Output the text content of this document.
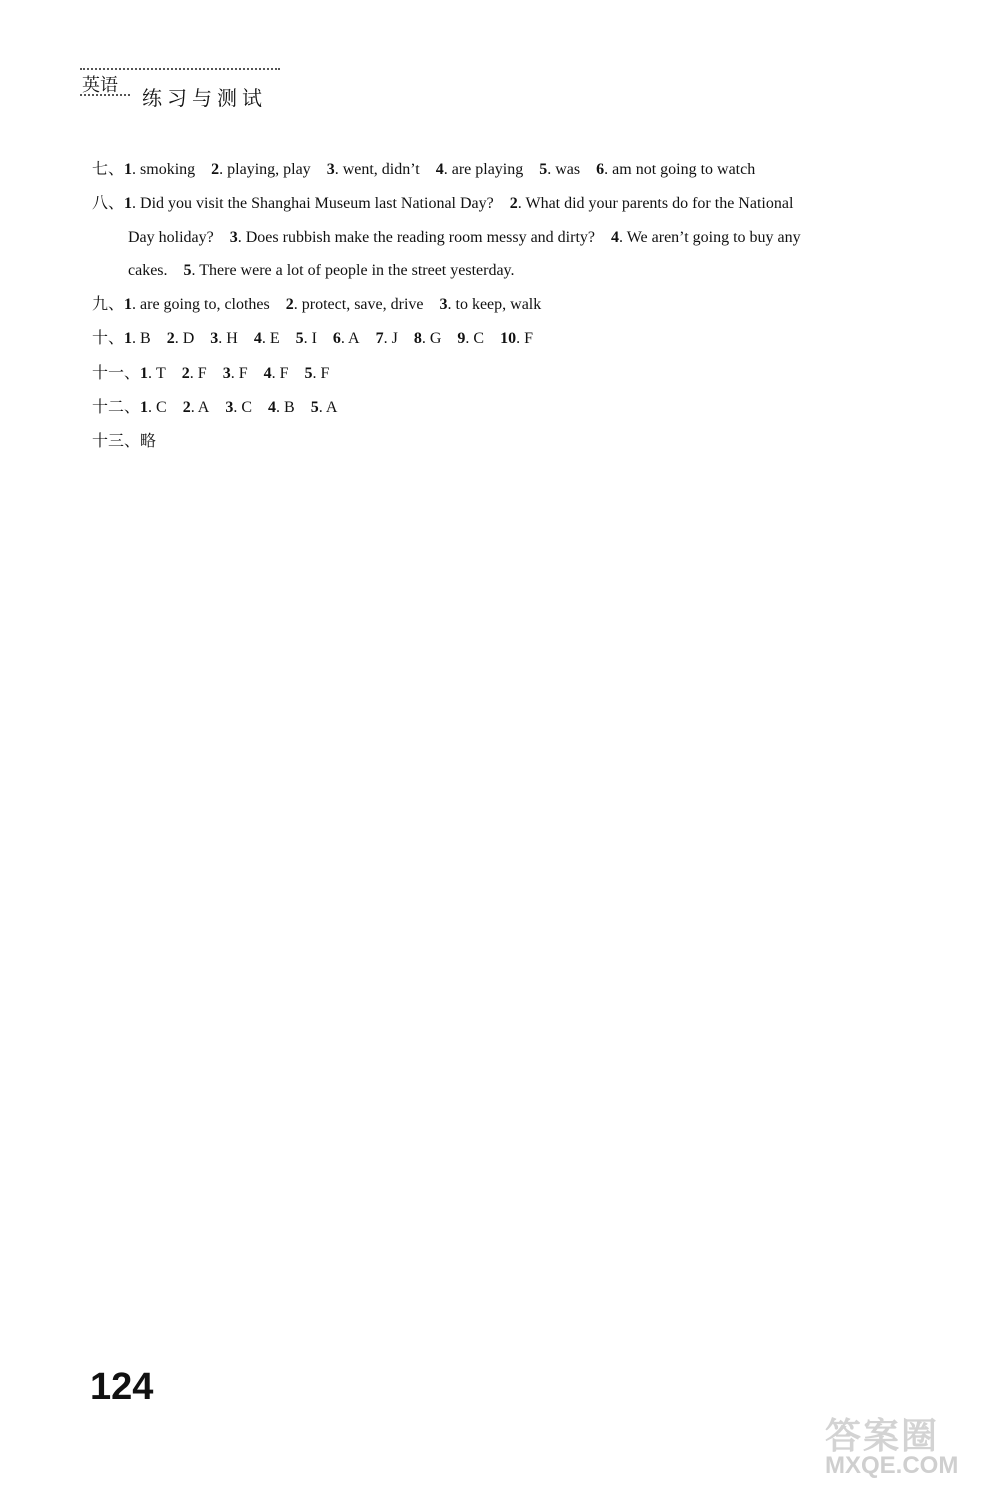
英语
练习与测试

七、1. smoking 2. playing, play 3. went, didn’t 4. are playing 5. was 6. am not going to watch

八、1. Did you visit the Shanghai Museum last National Day? 2. What did your parents do for the National

Day holiday? 3. Does rubbish make the reading room messy and dirty? 4. We aren’t going to buy any

cakes. 5. There were a lot of people in the street yesterday.

九、1. are going to, clothes 2. protect, save, drive 3. to keep, walk

十、1. B 2. D 3. H 4. E 5. I 6. A 7. J 8. G 9. C 10. F

十一、1. T 2. F 3. F 4. F 5. F

十二、1. C 2. A 3. C 4. B 5. A

十三、略

124
答案圈
MXQE.COM
